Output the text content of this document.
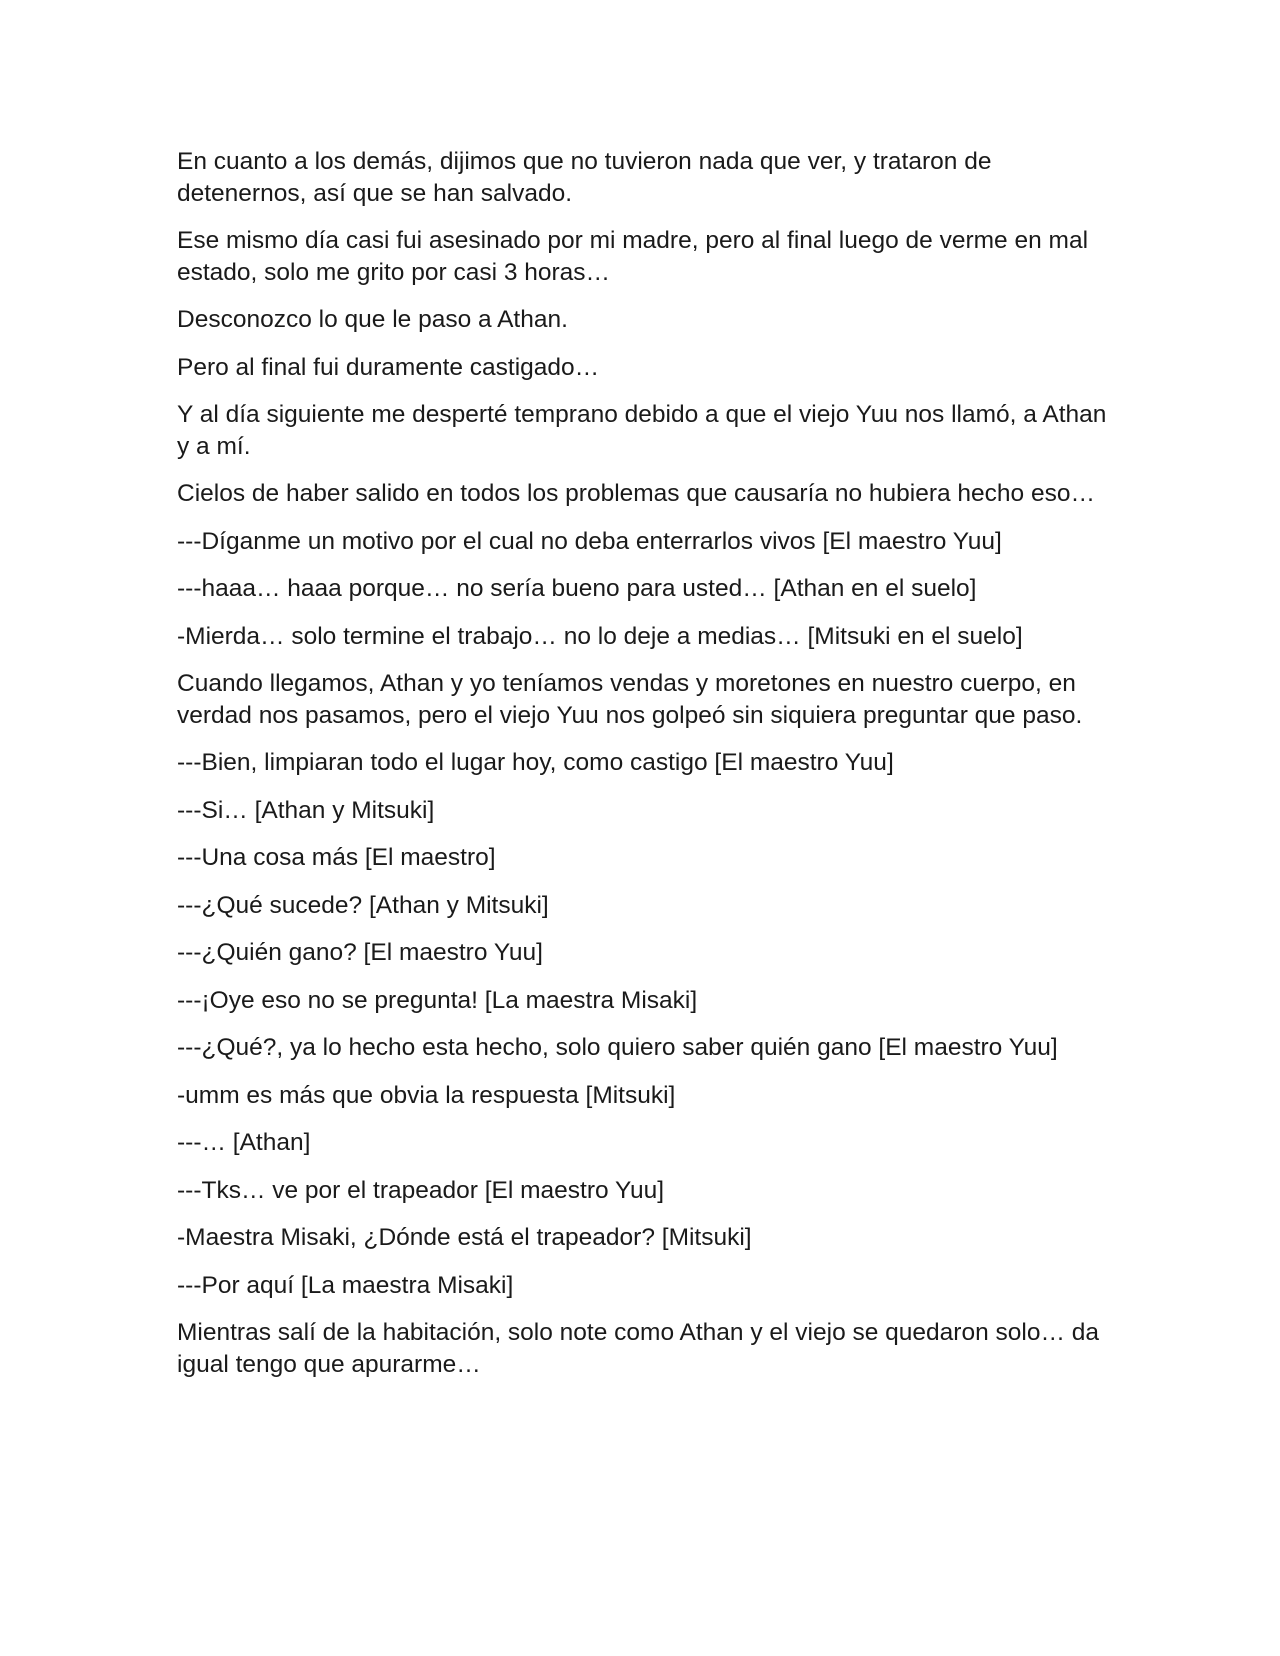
En cuanto a los demás, dijimos que no tuvieron nada que ver, y trataron de detenernos, así que se han salvado.

Ese mismo día casi fui asesinado por mi madre, pero al final luego de verme en mal estado, solo me grito por casi 3 horas…

Desconozco lo que le paso a Athan.

Pero al final fui duramente castigado…

Y al día siguiente me desperté temprano debido a que el viejo Yuu nos llamó, a Athan y a mí.

Cielos de haber salido en todos los problemas que causaría no hubiera hecho eso…

---Díganme un motivo por el cual no deba enterrarlos vivos [El maestro Yuu]

---haaa… haaa porque… no sería bueno para usted… [Athan en el suelo]

-Mierda… solo termine el trabajo… no lo deje a medias… [Mitsuki en el suelo]

Cuando llegamos, Athan y yo teníamos vendas y moretones en nuestro cuerpo, en verdad nos pasamos, pero el viejo Yuu nos golpeó sin siquiera preguntar que paso.

---Bien, limpiaran todo el lugar hoy, como castigo [El maestro Yuu]

---Si… [Athan y Mitsuki]

---Una cosa más [El maestro]

---¿Qué sucede? [Athan y Mitsuki]

---¿Quién gano? [El maestro Yuu]

---¡Oye eso no se pregunta! [La maestra Misaki]

---¿Qué?, ya lo hecho esta hecho, solo quiero saber quién gano [El maestro Yuu]

-umm es más que obvia la respuesta [Mitsuki]

---… [Athan]

---Tks… ve por el trapeador [El maestro Yuu]

-Maestra Misaki, ¿Dónde está el trapeador? [Mitsuki]

---Por aquí [La maestra Misaki]

Mientras salí de la habitación, solo note como Athan y el viejo se quedaron solo… da igual tengo que apurarme…
